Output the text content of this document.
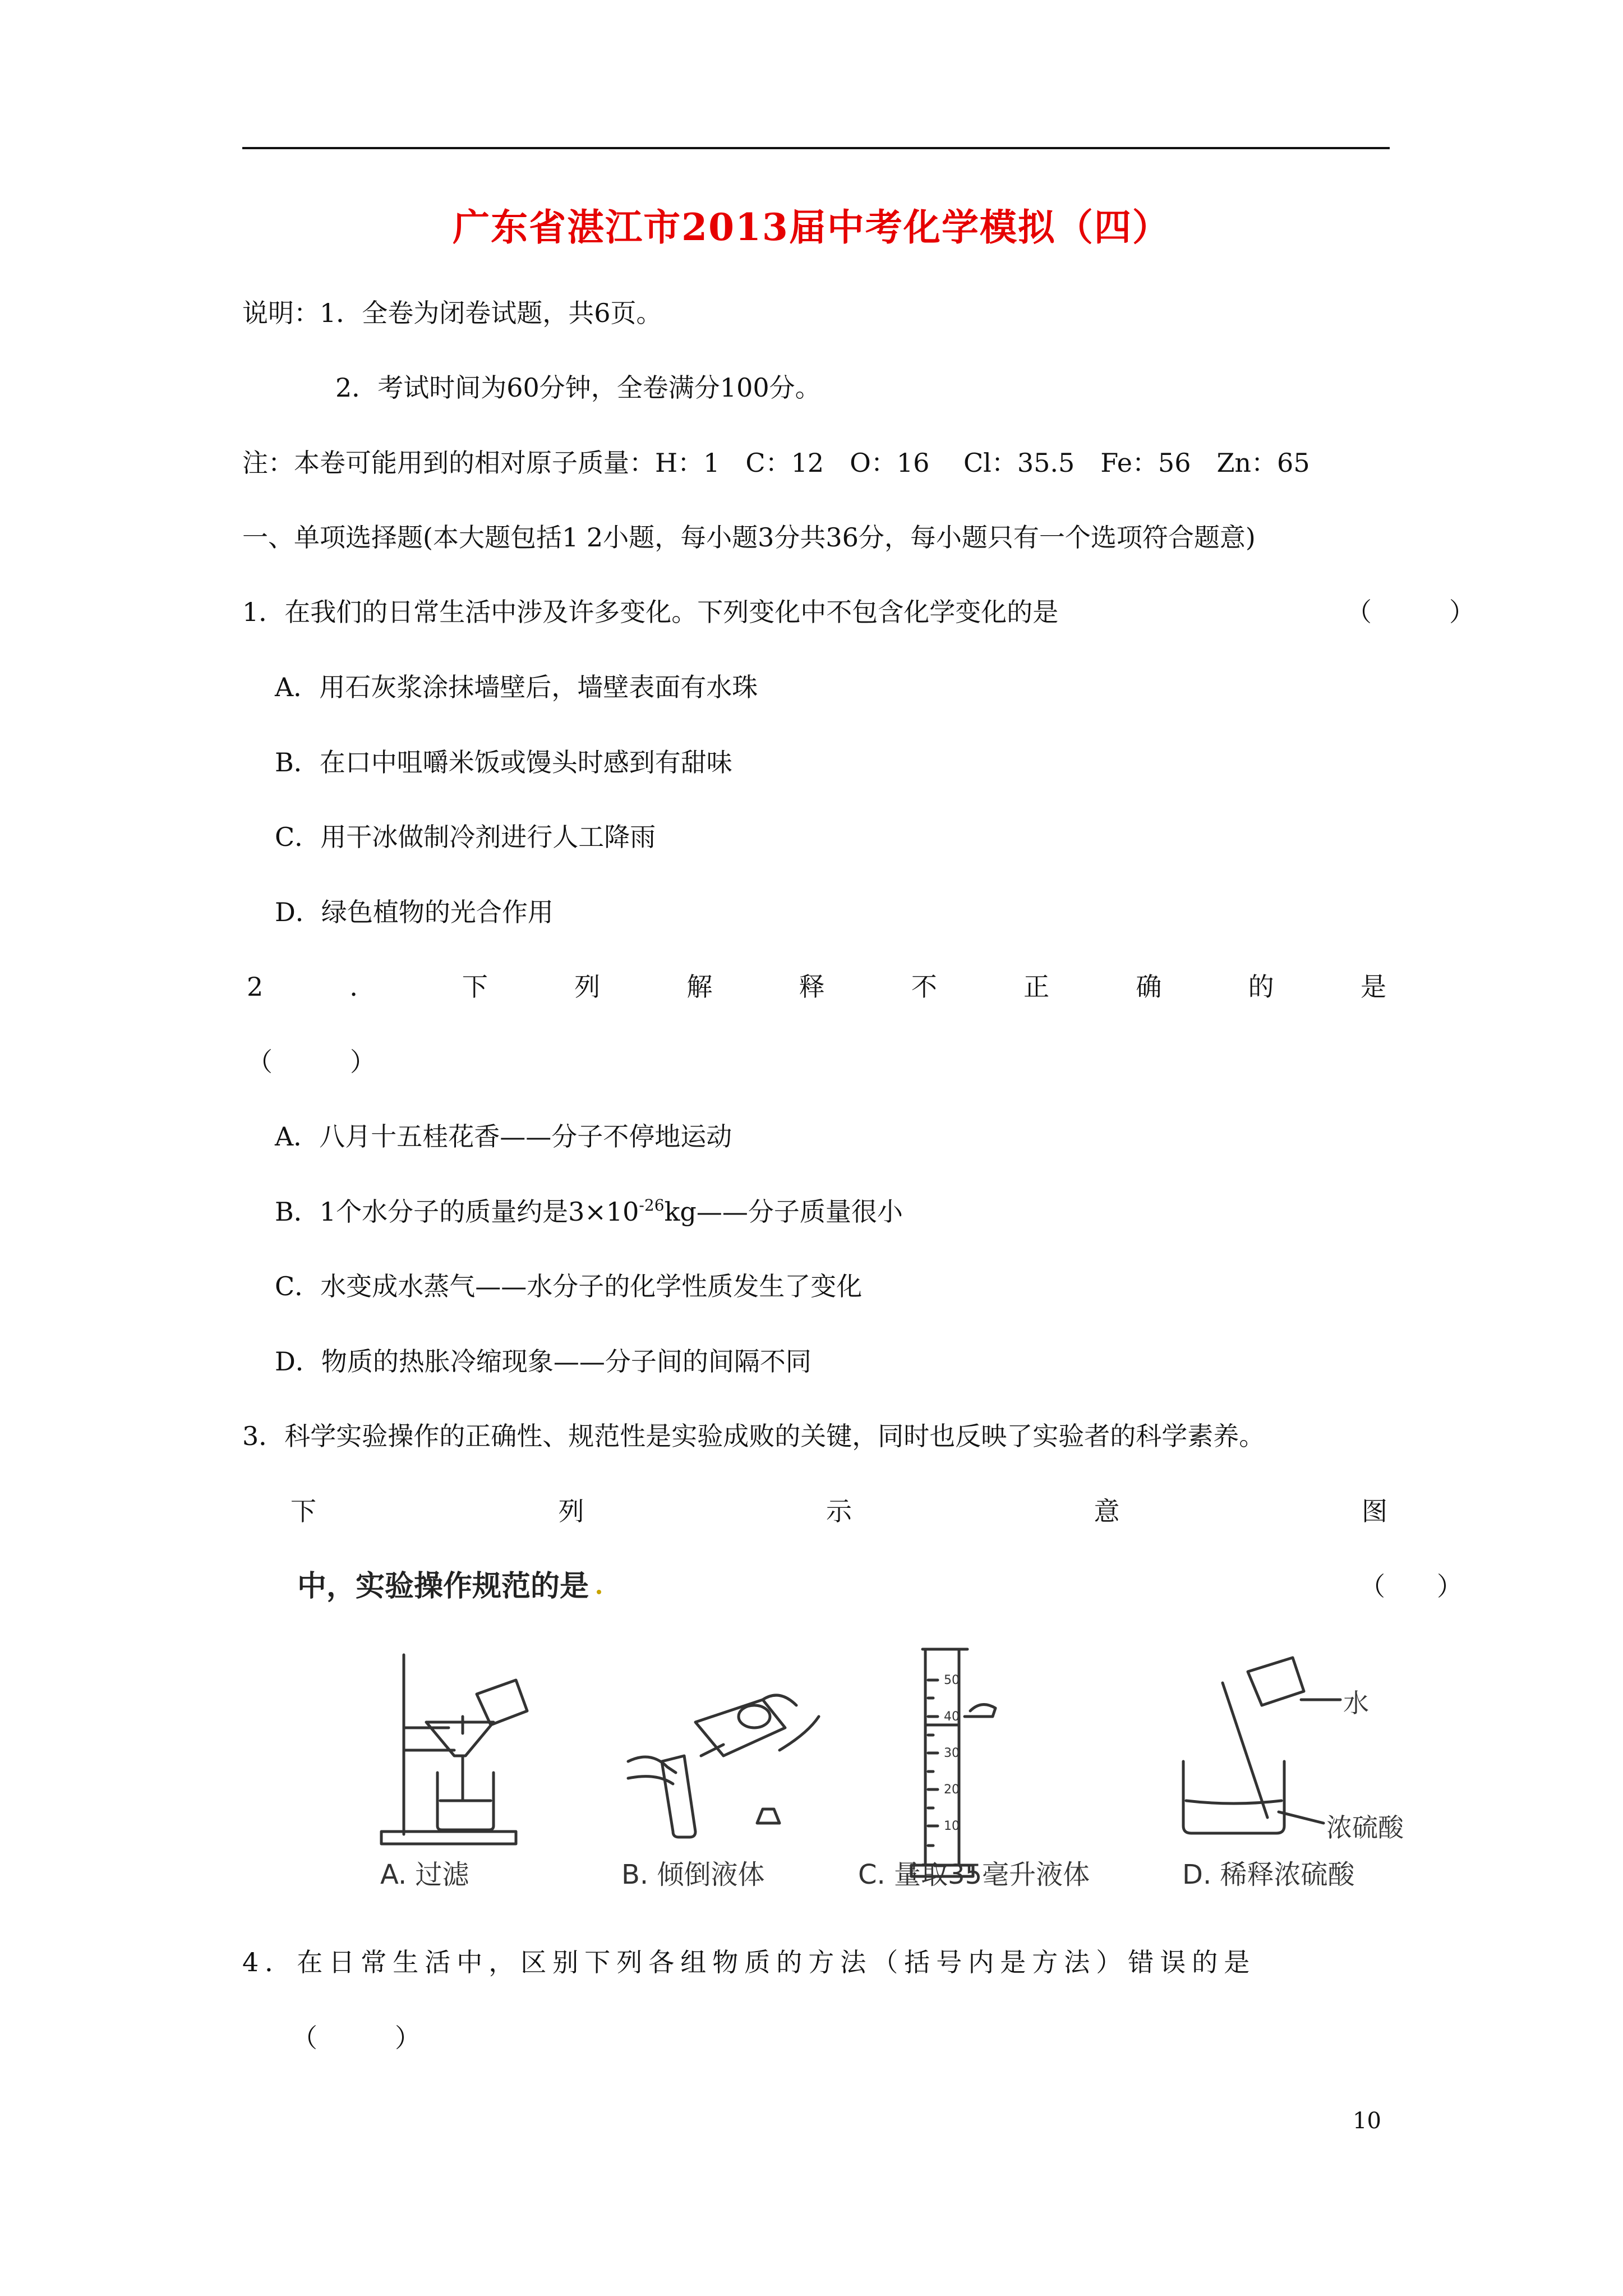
广东省湛江市2013届中考化学模拟（四）
说明：1．全卷为闭卷试题，共6页。
2．考试时间为60分钟，全卷满分100分。
注：本卷可能用到的相对原子质量：H：1　C：12　O：16　 Cl：35.5　Fe：56　Zn：65
一、单项选择题(本大题包括1 2小题，每小题3分共36分，每小题只有一个选项符合题意)
1．在我们的日常生活中涉及许多变化。下列变化中不包含化学变化的是	（　　　）
A．用石灰浆涂抹墙壁后，墙壁表面有水珠
B．在口中咀嚼米饭或馒头时感到有甜味
C．用干冰做制冷剂进行人工降雨
D．绿色植物的光合作用
2	．	下	列	解	释	不	正	确	的	是
（　　　）
A．八月十五桂花香——分子不停地运动
B．1个水分子的质量约是$3\times 10^{-26}kg——$分子质量很小
C．水变成水蒸气——水分子的化学性质发生了变化
D．物质的热胀冷缩现象——分子间的间隔不同
3．科学实验操作的正确性、规范性是实验成败的关键，同时也反映了实验者的科学素养。
下	列	示	意	图
中，实验操作规范的是	（　　）
50
40
30
20
10
水
浓硫酸
A. 过滤	B. 倾倒液体	C. 量取35毫升液体	D. 稀释浓硫酸
4．在日常生活中，区别下列各组物质的方法（括号内是方法）错误的是
（　　　）
10
